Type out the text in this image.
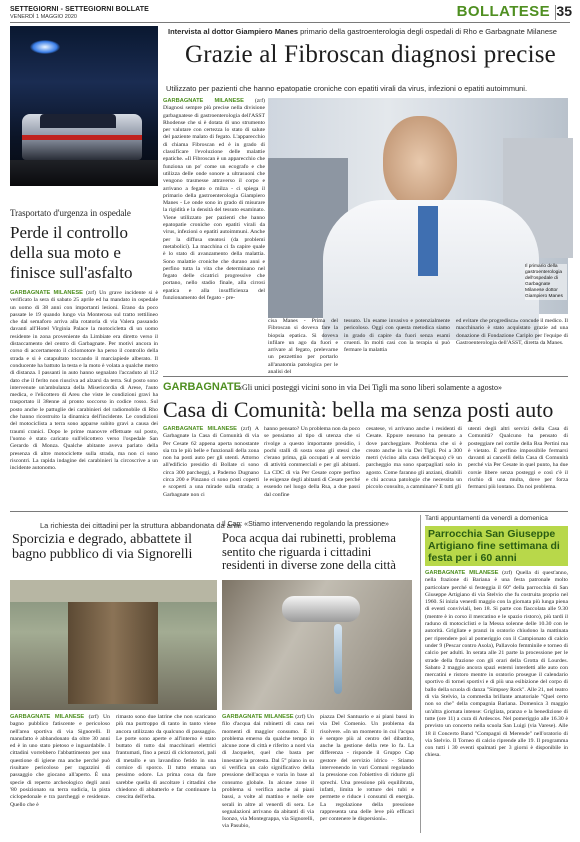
SETTEGIORNI - SETTEGIORNI BOLLATE
VENERDÌ 1 MAGGIO 2020	BOLLATESE 35
Intervista al dottor Giampiero Manes primario della gastroenterologia degli ospedali di Rho e Garbagnate Milanese
Grazie al Fibroscan diagnosi precise
Utilizzato per pazienti che hanno epatopatie croniche con epatiti virali da virus, infezioni o epatiti autoimmuni.
GARBAGNATE MILANESE (zrf) Diagnosi sempre più precise nella divisione garbagnatese di gastroenterologia dell'ASST Rhodense che si è dotata di uno strumento per valutare con certezza lo stato di salute del paziente malato di fegato. L'apparecchio di chiama Fibroscan ed è in grado di classificare l'evoluzione delle malattie epatiche. «Il Fibroscan è un apparecchio che funziona un po' come un ecografo e che utilizza delle onde sonore a ultrasuoni che vengono trasmesse attraverso il corpo e arrivano a fegato o milza - ci spiega il primario della gastroenterologia Giampiero Manes - Le onde sono in grado di misurare la rigidità e la densità del tessuto esaminato. Viene utilizzato per pazienti che hanno epatopatie croniche con epatiti virali da virus, infezioni o epatiti autoimmuni. Anche per la diffusa steatosi (da problemi metabolici). La macchina ci fa capire quale è lo stato di avanzamento della malattia. Sono malattie croniche che durano anni e perfino tutta la vita che determinano nel fegato delle cicatrici progressive che portano, nello stadio finale, alla cirrosi epatica e alla insufficienza del funzionamento del fegato - pre-
Il primario della gastroenterologia dell'ospedale di Garbagnate Milanese dottor Giampiero Manes
cisa Manes - Prima del Fibroscan si doveva fare la biopsia epatica. Si doveva infilare un ago da fuori e arrivare al fegato, prelevarne un pezzettino per portarlo all'anatomia patologica per le analisi del
tessuto. Un esame invasivo e potenzialmente pericoloso. Oggi con questa metodica siamo in grado di capire da fuori senza esami cruenti. In molti casi con la terapia si può fermare la malattia
ed evitare che progredisca» concude il medico. Il macchinario è stato acquistato grazie ad una donazione di Fondazione Cariplo per l'equipe di Gastroenterologia dell'ASST, diretta da Manes.
Trasportato d'urgenza in ospedale
Perde il controllo della sua moto e finisce sull'asfalto
GARBAGNATE MILANESE (zrf) Un grave incidente si è verificato la sera di sabato 25 aprile ed ha mandato in ospedale un uomo di 38 anni con importanti lesioni. Erano da poco passate le 19 quando lungo via Monterosa sul tratto rettilineo che dal semaforo arriva alla rotatoria di via Valera passando davanti all'Hotel Virginia Palace la motocicletta di un uomo residente in zona proveniente da Limbiate era diretto verso il distaccamento del centro di Garbagnate. Per motivi ancora in corso di accertamento il ciclomotore ha perso il controllo della strada e si è catapultato toccando il marciapiede alberato. Il conducente ha battuto la testa e la moto è volata a qualche metro di distanza. I passanti in auto hanno segnalato l'accaduto al 112 dato che il ferito non riusciva ad alzarsi da terra. Sul posto sono intervenute un'ambulanza della Misericordia di Arese, l'auto medica, e l'elicottero di Areu che viste le condizioni gravi ha trasportato il 38enne al pronto soccorso in codice rosso. Sul posto anche le pattuglie dei carabinieri del radiomobile di Rho che hanno ricostruito la dinamica dell'incidente. Le condizioni del motociclista a terra sono apparse subito gravi a causa dei traumi cranici. Dopo le prime manovre effettuate sul posto, l'uomo è stato caricato sull'elicottero verso l'ospedale San Gerardo di Monza. Qualche abitante aveva parlato della presenza di altre motociclette sulla strada, ma non ci sono riscontri. La rapida indagine dei carabinieri la circoscrive a un incidente autonomo.
GARBAGNATE
«Gli unici posteggi vicini sono in via Dei Tigli ma sono liberi solamente a agosto»
Casa di Comunità: bella ma senza posti auto
GARBAGNATE MILANESE (zrf) A Garbagnate la Casa di Comunità di via Per Cesate 62 appena aperta nonostante sia tra le più belle e funzionali della zona non ha posti auto per gli utenti. Attorno all'edificio presidio di Bollate ci sono circa 300 parcheggi, a Paderno Dugnano circa 200 e Pinzano ci sono posti coperti e scoperti a una mirade sulla strada; a Garbagnate non ci
hanno pensato? Un problema non da poco se pensiamo al tipo di utenza che si rivolge a questo importante presidio, i pochi stalli di sosta sono gli stessi che c'erano prima, già occupati e al servizio di attività commerciali e per gli abitanti. La CDC di via Per Cesate copre perfino le esigenze degli abitanti di Cesate perché essendo nel luogo della Rsa, a due passi dal confine
cesatese, vi arrivano anche i residenti di Cesate. Eppure nessuno ha pensato a dove parcheggiare. Problema che si è creato anche in via Dei Tigli. Poi a 300 metri (vicino alla casa dell'acqua) c'è un parcheggio ma sono sparpagliati solo in agosto. Come faranno gli anziani, disabili e chi accusa patologie che necessita un piccolo consulto, a camminare? E tutti gli
utenti degli altri servizi della Casa di Comunità? Qualcuno ha pensato di posteggiare nel cortile della Rsa Pertini ma è vietato. È perfino impossibile fermarsi davanti ai cancelli della Casa di Comunità perché via Per Cesate in quel punto, ha due corsie libere senza posteggi e così c'è il rischio di una multa, dove per forza fermarsi più lontano. Da noi problema.
La richiesta dei cittadini per la struttura abbandonata da anni
Sporcizia e degrado, abbattete il bagno pubblico di via Signorelli
GARBAGNATE MILANESE (zrf) Un bagno pubblico fatiscente e pericoloso nell'area sportiva di via Signorelli. Il manufatto è abbandonato da oltre 30 anni ed è in uno stato pietoso e inguardabile. I cittadini vorrebbero l'abbattimento per una questione di igiene ma anche perché può risultare pericoloso per ragazzini di passaggio che giocano all'aperto. È una specie di reperto archeologico degli anni '80 posizionato su terra sudicia, la pista ciclopedonale e tra parcheggi e residenze. Quello che è
rimasto sono due latrine che non scaricano più ma purtroppo di tanto in tanto viene ancora utilizzato da qualcuno di passaggio. Le porte sono aperte e all'interno è stato buttato di tutto dai macchinari elettrici frantumati, fino a pezzi di ciclomotori, pali di metallo e un lavandino fetido in una cornice di sporco. Il tutto emana un pessimo odore. La prima cosa da fare sarebbe quella di ascoltare i cittadini che chiedono di abbatterlo e far continuare la crescita dell'erba.
Il Cap: «Stiamo intervenendo regolando la pressione»
Poca acqua dai rubinetti, problema sentito che riguarda i cittadini residenti in diverse zone della città
GARBAGNATE MILANESE (zrf) Un filo d'acqua dai rubinetti di casa nei momenti di maggior consumo. È il problema emerso da qualche tempo in alcune zone di città e riferito a nord via di Jacquelet, quel che basta per innestare la protesta. Dal 5° piano in su si verifica un calo significativo della pressione dell'acqua e varia in base al consumo globale. In alcune zone il problema si verifica anche ai piani bassi, a volte al mattino e nelle ore serali in altre al venerdì di sera. Le segnalazioni arrivano da abitanti di via Isonzo, via Montegrappa, via Signorelli, via Pasubio,
piazza Del Santuario e ai piani bassi in via Del Comenio. Un problema da risolvere. «In un momento in cui l'acqua è sempre più al centro del dibattito, anche la gestione della rete lo fa. La differenza - risponde il Gruppo Cap gestore del servizio idrico - Stiamo intervenendo in vari Comuni regolando la pressione con l'obiettivo di ridurre gli sprechi. Una pressione più equilibrata, infatti, limita le rotture dei tubi e permette e riduce i consumi di energia. La regolazione della pressione rappresenta una delle leve più efficaci per contenere le dispersioni».
Tanti appuntamenti da venerdì a domenica
Parrocchia San Giuseppe Artigiano fine settimana di festa per i 60 anni
GARBAGNATE MILANESE (zrf) Quella di quest'anno, nella frazione di Bariana è una festa patronale molto particolare perché si festeggia il 60° della parrocchia di San Giuseppe Artigiano di via Stelvio che fu costruita proprio nel 1960. Si inizia venerdì maggio con la giornata più lunga piena di eventi conviviali, ben 18. Si parte con fiaccolata alle 9.30 (mentre è in corso il mercatino e le spazio ristoro), più tardi il raduno di motociclisti e la Messa solenne delle 10.30 con le autorità. Grigliate e pranzi in oratorio chiudono la mattinata per riprendere poi al pomeriggio con il Campionato di calcio under 9 (Pescar contro Asola), Pallavolo femminile e torneo di calcio per adulti. In serata alle 21 parte la processione per le strade della frazione con gli orari della Grotta di Lourdes. Sabato 2 maggio ancora spazi esterni interdetti alle auto con mercatini e ristoro mentre in oratorio prosegue il calendario sportivo di tornei sportivi e di più una esibizione del corpo di ballo della scuola di danza "Simpsey Rock". Alle 21, nel teatro di via Stelvio, la commedia brillante amatoriale "Quel certo non so che" della compagnia Bariana. Domenica 3 maggio un'altra giornata intense: Grigliata, pranzo e la benedizione di tutte (ore 11) a cura di Ardescos. Nel pomeriggio alle 16.30 è previsto un concerto nella scuola San Luigi (via Varese). Alle 18 il Concerto Band "Compagni di Merende" nell'oratorio di via Stelvio. Il Torneo di calcio riprende alle 19. Il programma con tutti i 30 eventi spalmati per 3 giorni è disponibile in chiesa.
